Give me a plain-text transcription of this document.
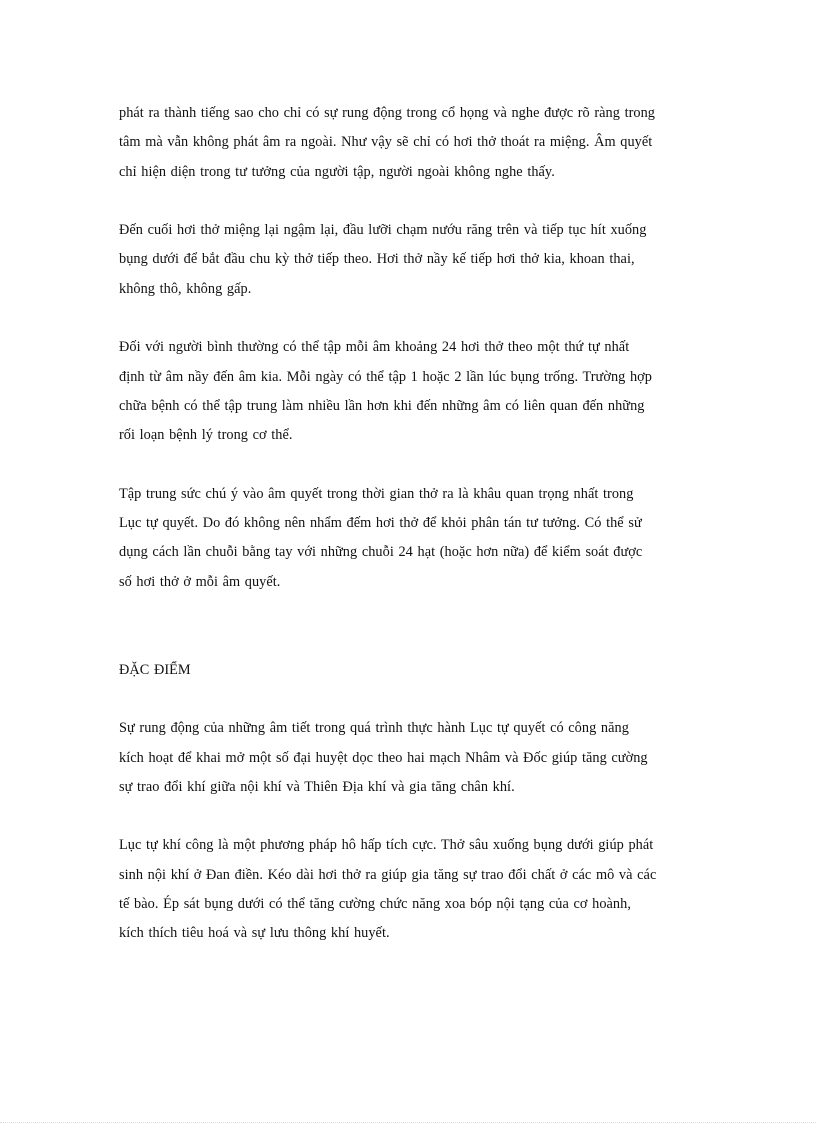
phát ra thành tiếng sao cho chỉ có sự rung động trong cổ họng và nghe được rõ ràng trong
tâm mà vẫn không phát âm ra ngoài. Như vậy sẽ chỉ có hơi thở thoát ra miệng. Âm quyết
chỉ hiện diện trong tư tưởng của người tập, người ngoài không nghe thấy.

Đến cuối hơi thở miệng lại ngậm lại, đầu lưỡi chạm nướu răng trên và tiếp tục hít xuống
bụng dưới để bắt đầu chu kỳ thở tiếp theo. Hơi thở nầy kế tiếp hơi thở kia, khoan thai,
không thô, không gấp.

Đối với người bình thường có thể tập mỗi âm khoảng 24 hơi thở theo một thứ tự nhất
định từ âm nầy đến âm kia. Mỗi ngày có thể tập 1 hoặc 2 lần lúc bụng trống. Trường hợp
chữa bệnh có thể tập trung làm nhiều lần hơn khi đến những âm có liên quan đến những
rối loạn bệnh lý trong cơ thể.

Tập trung sức chú ý vào âm quyết trong thời gian thở ra là khâu quan trọng nhất trong
Lục tự quyết. Do đó không nên nhẩm đếm hơi thở để khỏi phân tán tư tưởng. Có thể sử
dụng cách lần chuỗi bằng tay với những chuỗi 24 hạt (hoặc hơn nữa) để kiểm soát được
số hơi thở ở mỗi âm quyết.

ĐẶC ĐIỂM

Sự rung động của những âm tiết trong quá trình thực hành Lục tự quyết có công năng
kích hoạt để khai mở một số đại huyệt dọc theo hai mạch Nhâm và Đốc giúp tăng cường
sự trao đổi khí giữa nội khí và Thiên Địa khí và gia tăng chân khí.

Lục tự khí công là một phương pháp hô hấp tích cực. Thở sâu xuống bụng dưới giúp phát
sinh nội khí ở Đan điền. Kéo dài hơi thở ra giúp gia tăng sự trao đổi chất ở các mô và các
tế bào. Ép sát bụng dưới có thể tăng cường chức năng xoa bóp nội tạng của cơ hoành,
kích thích tiêu hoá và sự lưu thông khí huyết.
